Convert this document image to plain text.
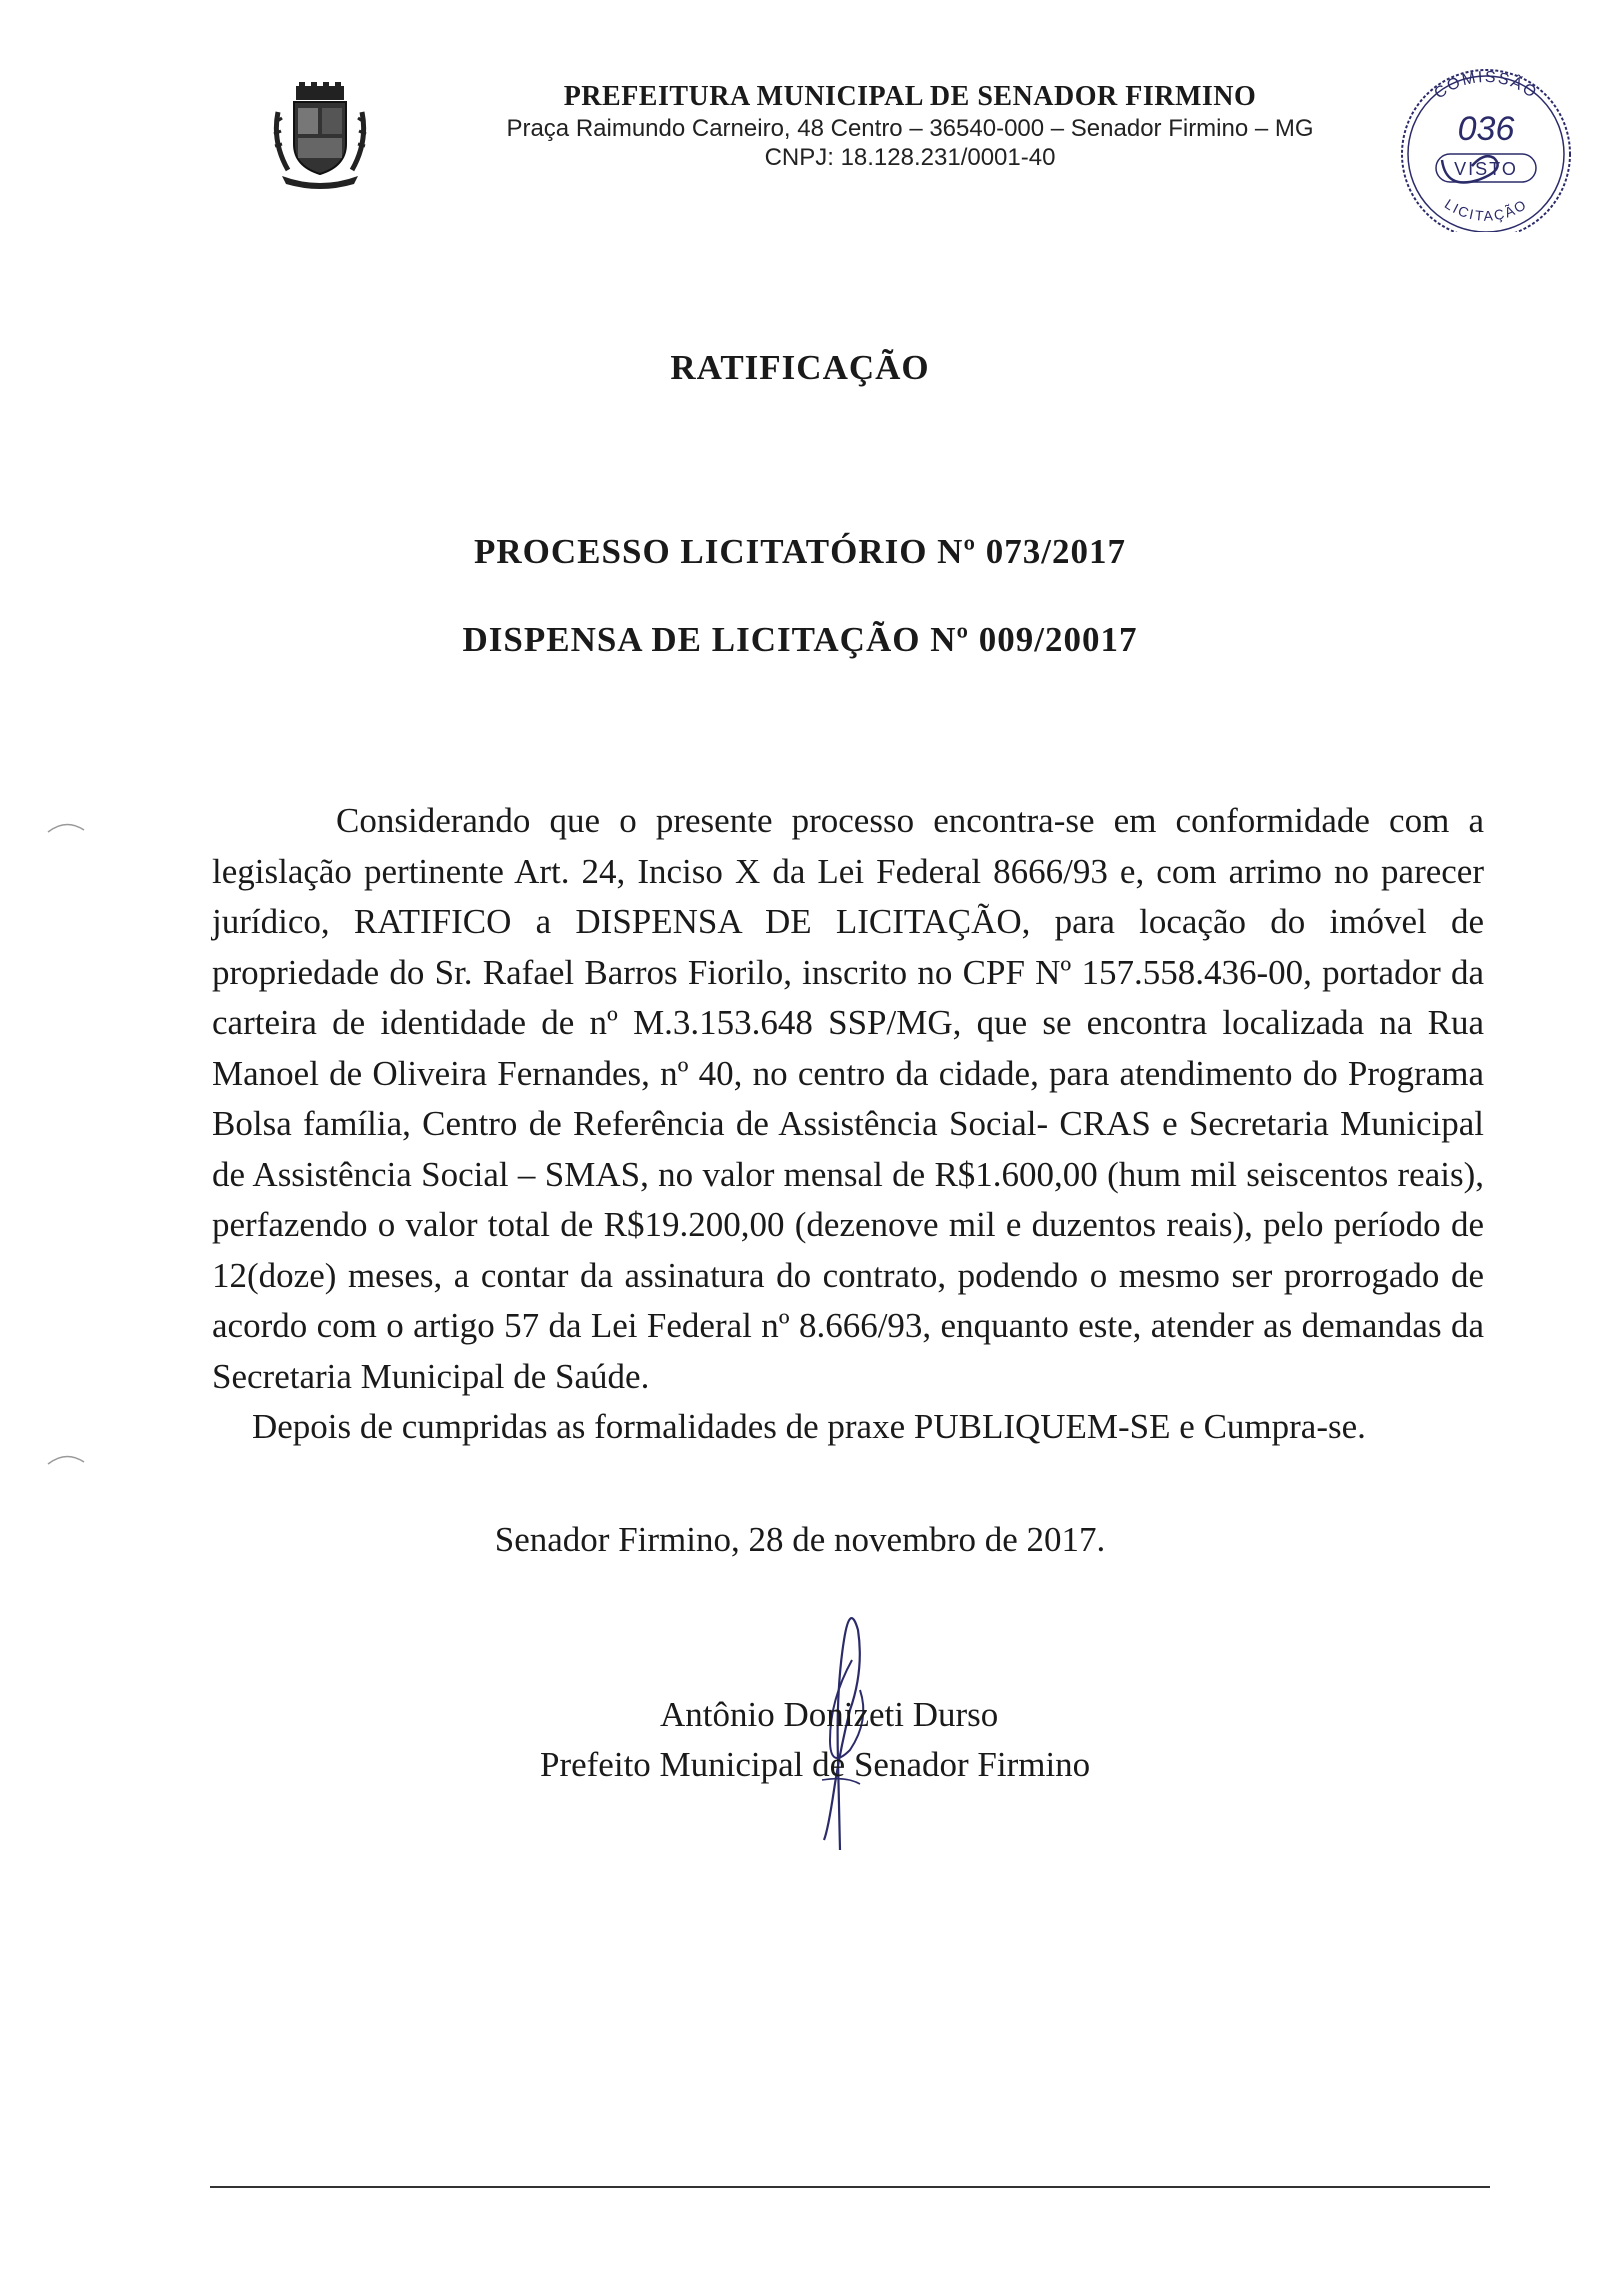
PREFEITURA MUNICIPAL DE SENADOR FIRMINO
Praça Raimundo Carneiro, 48 Centro – 36540-000 – Senador Firmino – MG
CNPJ: 18.128.231/0001-40
COMISSÃO
036
VISTO
LICITAÇÃO
RATIFICAÇÃO
PROCESSO LICITATÓRIO Nº 073/2017
DISPENSA DE LICITAÇÃO Nº 009/20017

Considerando que o presente processo encontra-se em conformidade com a legislação pertinente Art. 24, Inciso X da Lei Federal 8666/93 e, com arrimo no parecer jurídico, RATIFICO a DISPENSA DE LICITAÇÃO, para locação do imóvel de propriedade do Sr. Rafael Barros Fiorilo, inscrito no CPF Nº 157.558.436-00, portador da carteira de identidade de nº M.3.153.648 SSP/MG, que se encontra localizada na Rua Manoel de Oliveira Fernandes, nº 40, no centro da cidade, para atendimento do Programa Bolsa família, Centro de Referência de Assistência Social- CRAS e Secretaria Municipal de Assistência Social – SMAS, no valor mensal de R$1.600,00 (hum mil seiscentos reais), perfazendo o valor total de R$19.200,00 (dezenove mil e duzentos reais), pelo período de 12(doze) meses, a contar da assinatura do contrato, podendo o mesmo ser prorrogado de acordo com o artigo 57 da Lei Federal nº 8.666/93, enquanto este, atender as demandas da Secretaria Municipal de Saúde.

Depois de cumpridas as formalidades de praxe PUBLIQUEM-SE e Cumpra-se.

Senador Firmino, 28 de novembro de 2017.
Antônio Donizeti Durso
Prefeito Municipal de Senador Firmino
